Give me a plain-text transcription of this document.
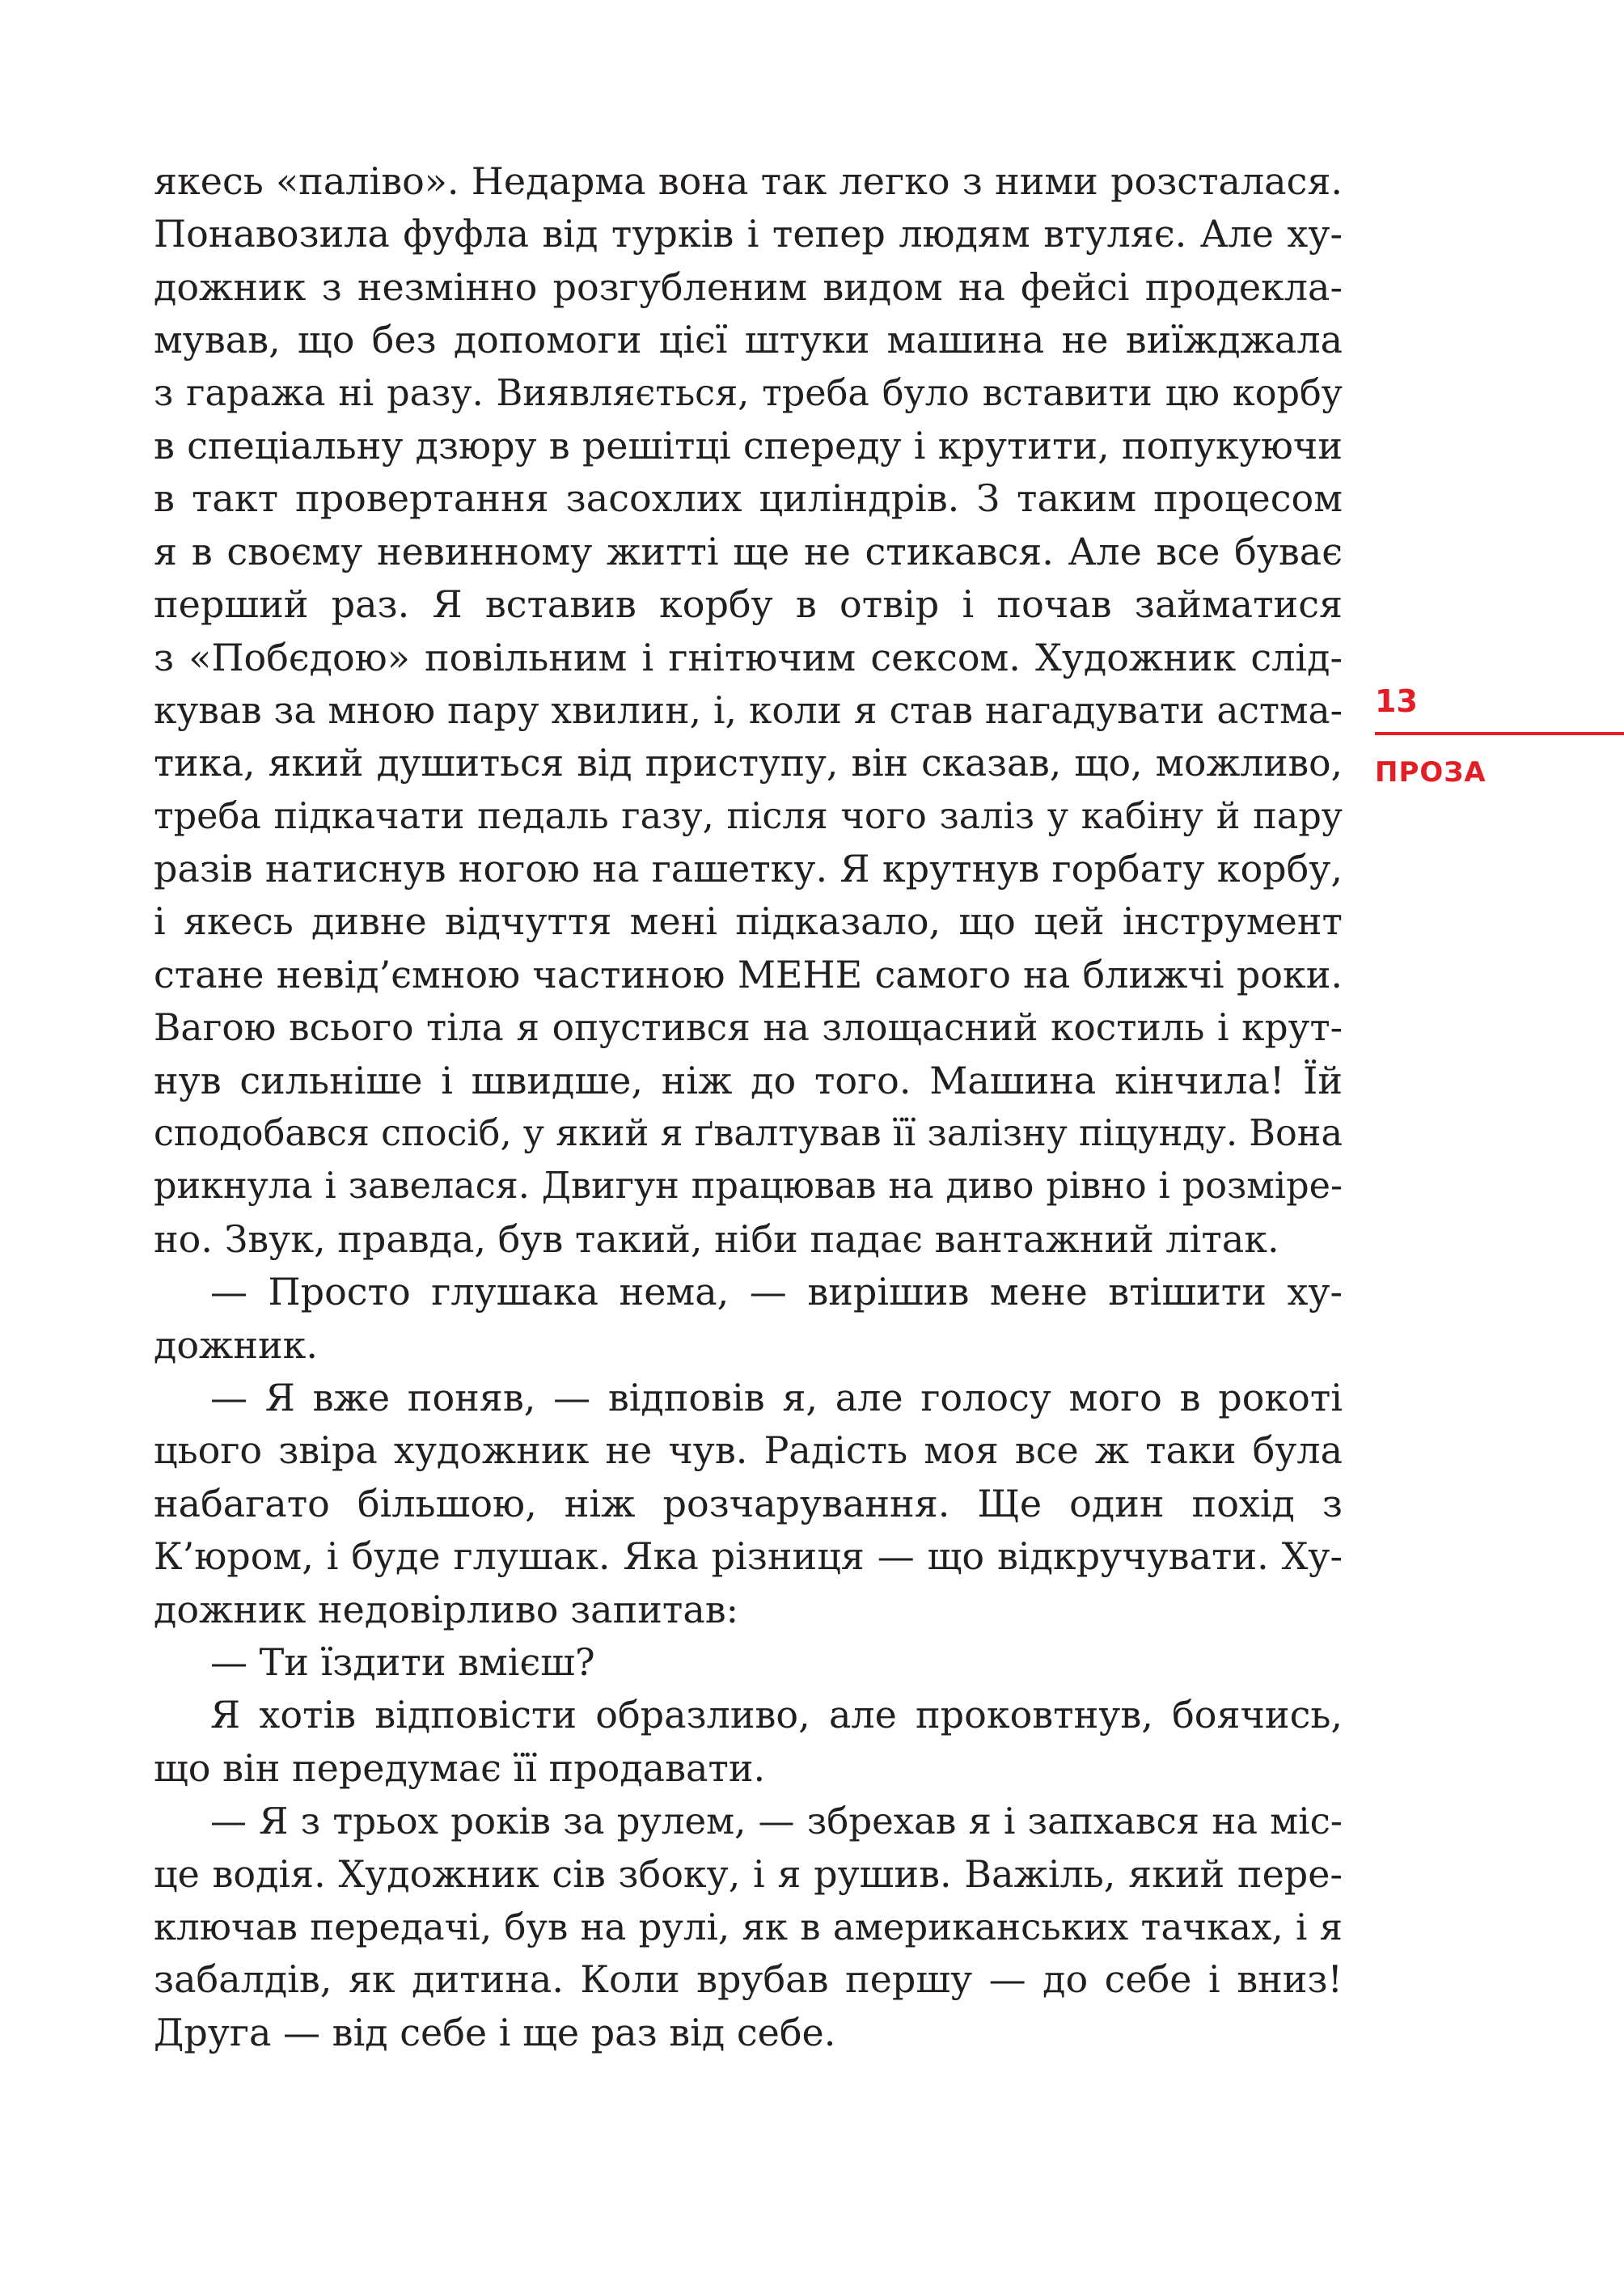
якесь «паліво». Недарма вона так легко з ними розсталася.
Понавозила фуфла від турків і тепер людям втуляє. Але ху-
дожник з незмінно розгубленим видом на фейсі продекла-
мував, що без допомоги цієї штуки машина не виїжджала
з гаража ні разу. Виявляється, треба було вставити цю корбу
в спеціальну дзюру в решітці спереду і крутити, попукуючи
в такт провертання засохлих циліндрів. З таким процесом
я в своєму невинному житті ще не стикався. Але все буває
перший раз. Я вставив корбу в отвір і почав займатися
з «Побєдою» повільним і гнітючим сексом. Художник слід-
кував за мною пару хвилин, і, коли я став нагадувати астма-
тика, який душиться від приступу, він сказав, що, можливо,
треба підкачати педаль газу, після чого заліз у кабіну й пару
разів натиснув ногою на гашетку. Я крутнув горбату корбу,
і якесь дивне відчуття мені підказало, що цей інструмент
стане невід’ємною частиною МЕНЕ самого на ближчі роки.
Вагою всього тіла я опустився на злощасний костиль і крут-
нув сильніше і швидше, ніж до того. Машина кінчила! Їй
сподобався спосіб, у який я ґвалтував її залізну піцунду. Вона
рикнула і завелася. Двигун працював на диво рівно і розміре-
но. Звук, правда, був такий, ніби падає вантажний літак.
— Просто глушака нема, — вирішив мене втішити ху-
дожник.
— Я вже поняв, — відповів я, але голосу мого в рокоті
цього звіра художник не чув. Радість моя все ж таки була
набагато більшою, ніж розчарування. Ще один похід з
К’юром, і буде глушак. Яка різниця — що відкручувати. Ху-
дожник недовірливо запитав:
— Ти їздити вмієш?
Я хотів відповісти образливо, але проковтнув, боячись,
що він передумає її продавати.
— Я з трьох років за рулем, — збрехав я і запхався на міс-
це водія. Художник сів збоку, і я рушив. Важіль, який пере-
ключав передачі, був на рулі, як в американських тачках, і я
забалдів, як дитина. Коли врубав першу — до себе і вниз!
Друга — від себе і ще раз від себе.
13
ПРОЗА
